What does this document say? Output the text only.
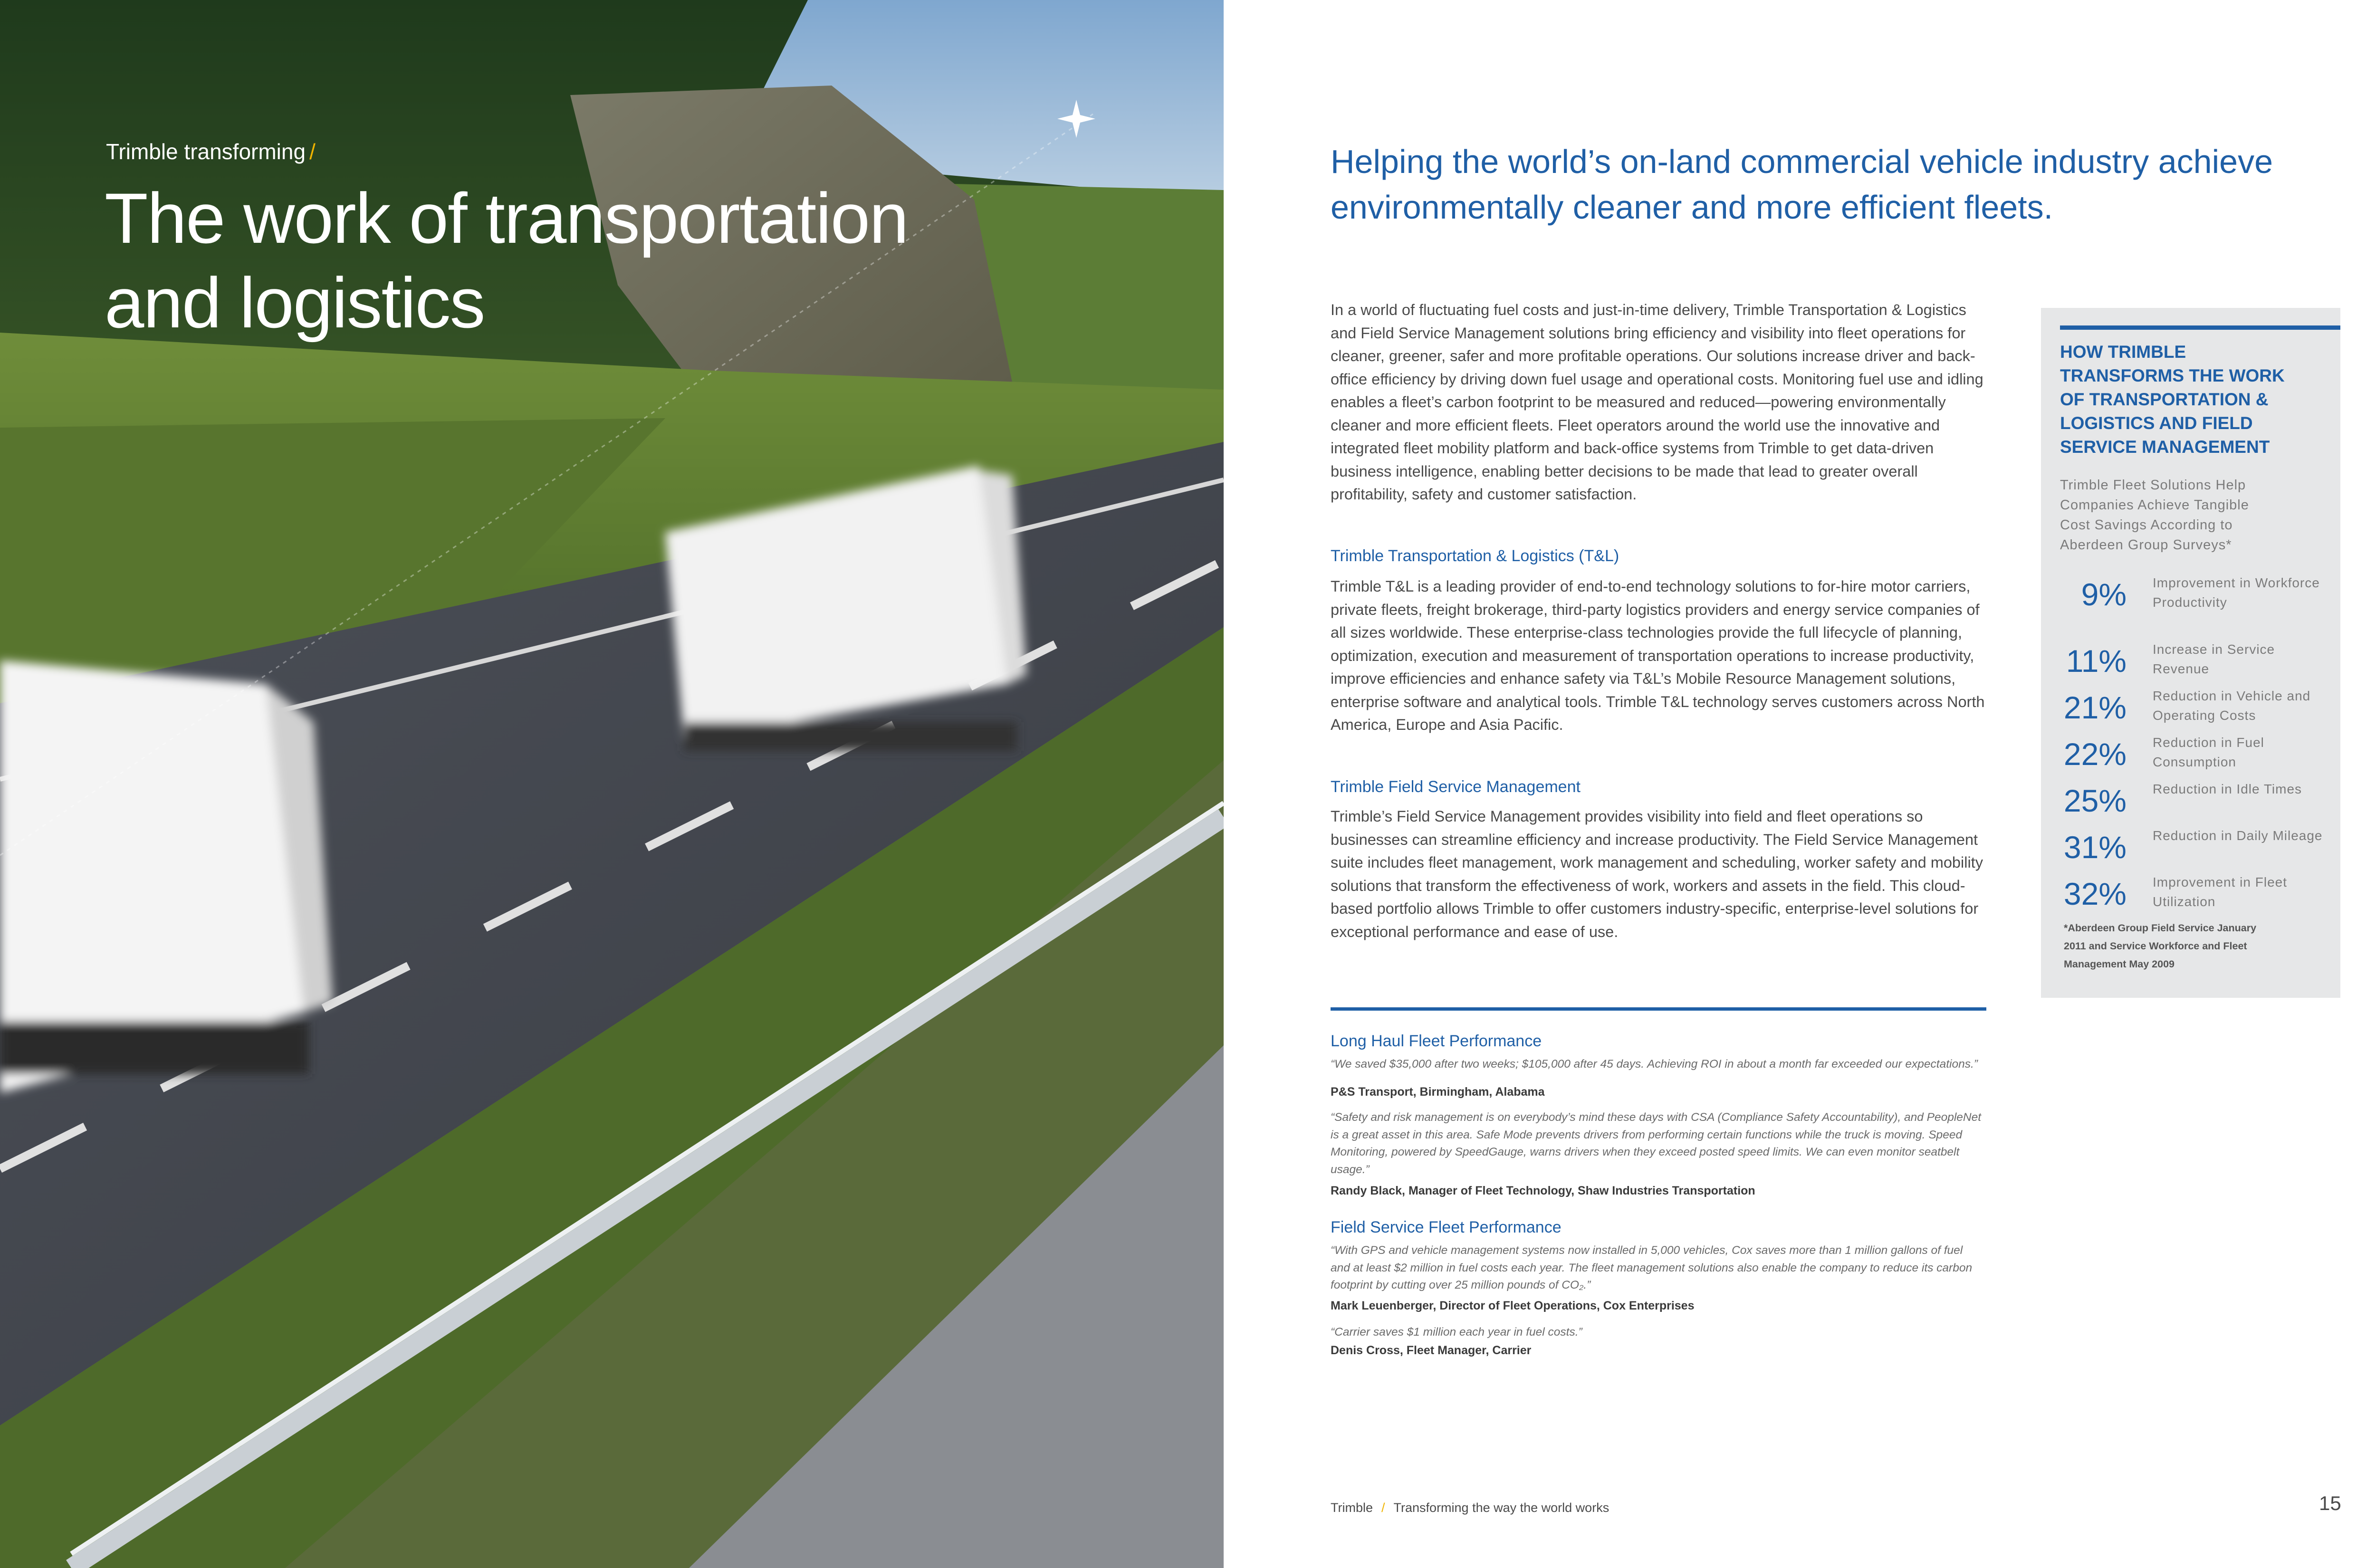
Trimble transforming /
The work of transportation
and logistics
Helping the world’s on-land commercial vehicle industry achieve
environmentally cleaner and more efficient fleets.
In a world of fluctuating fuel costs and just-in-time delivery, Trimble Transportation & Logistics and Field Service Management solutions bring efficiency and visibility into fleet operations for cleaner, greener, safer and more profitable operations. Our solutions increase driver and back-office efficiency by driving down fuel usage and operational costs. Monitoring fuel use and idling enables a fleet’s carbon footprint to be measured and reduced—powering environmentally cleaner and more efficient fleets. Fleet operators around the world use the innovative and integrated fleet mobility platform and back-office systems from Trimble to get data-driven business intelligence, enabling better decisions to be made that lead to greater overall profitability, safety and customer satisfaction.
Trimble Transportation & Logistics (T&L)
Trimble T&L is a leading provider of end-to-end technology solutions to for-hire motor carriers, private fleets, freight brokerage, third-party logistics providers and energy service companies of all sizes worldwide. These enterprise-class technologies provide the full lifecycle of planning, optimization, execution and measurement of transportation operations to increase productivity, improve efficiencies and enhance safety via T&L’s Mobile Resource Management solutions, enterprise software and analytical tools. Trimble T&L technology serves customers across North America, Europe and Asia Pacific.
Trimble Field Service Management
Trimble’s Field Service Management provides visibility into field and fleet operations so businesses can streamline efficiency and increase productivity. The Field Service Management suite includes fleet management, work management and scheduling, worker safety and mobility solutions that transform the effectiveness of work, workers and assets in the field. This cloud-based portfolio allows Trimble to offer customers industry-specific, enterprise-level solutions for exceptional performance and ease of use.
Long Haul Fleet Performance
“We saved $35,000 after two weeks; $105,000 after 45 days. Achieving ROI in about a month far exceeded our expectations.”
P&S Transport, Birmingham, Alabama
“Safety and risk management is on everybody’s mind these days with CSA (Compliance Safety Accountability), and PeopleNet is a great asset in this area. Safe Mode prevents drivers from performing certain functions while the truck is moving. Speed Monitoring, powered by SpeedGauge, warns drivers when they exceed posted speed limits. We can even monitor seatbelt usage.”
Randy Black, Manager of Fleet Technology, Shaw Industries Transportation
Field Service Fleet Performance
“With GPS and vehicle management systems now installed in 5,000 vehicles, Cox saves more than 1 million gallons of fuel and at least $2 million in fuel costs each year. The fleet management solutions also enable the company to reduce its carbon footprint by cutting over 25 million pounds of CO₂.”
Mark Leuenberger, Director of Fleet Operations, Cox Enterprises
“Carrier saves $1 million each year in fuel costs.”
Denis Cross, Fleet Manager, Carrier
HOW TRIMBLE
TRANSFORMS THE WORK
OF TRANSPORTATION &
LOGISTICS AND FIELD
SERVICE MANAGEMENT
Trimble Fleet Solutions Help
Companies Achieve Tangible
Cost Savings According to
Aberdeen Group Surveys*
9% Improvement in Workforce Productivity
11% Increase in Service Revenue
21% Reduction in Vehicle and Operating Costs
22% Reduction in Fuel Consumption
25% Reduction in Idle Times
31% Reduction in Daily Mileage
32% Improvement in Fleet Utilization
*Aberdeen Group Field Service January
2011 and Service Workforce and Fleet
Management May 2009
Trimble / Transforming the way the world works	15
